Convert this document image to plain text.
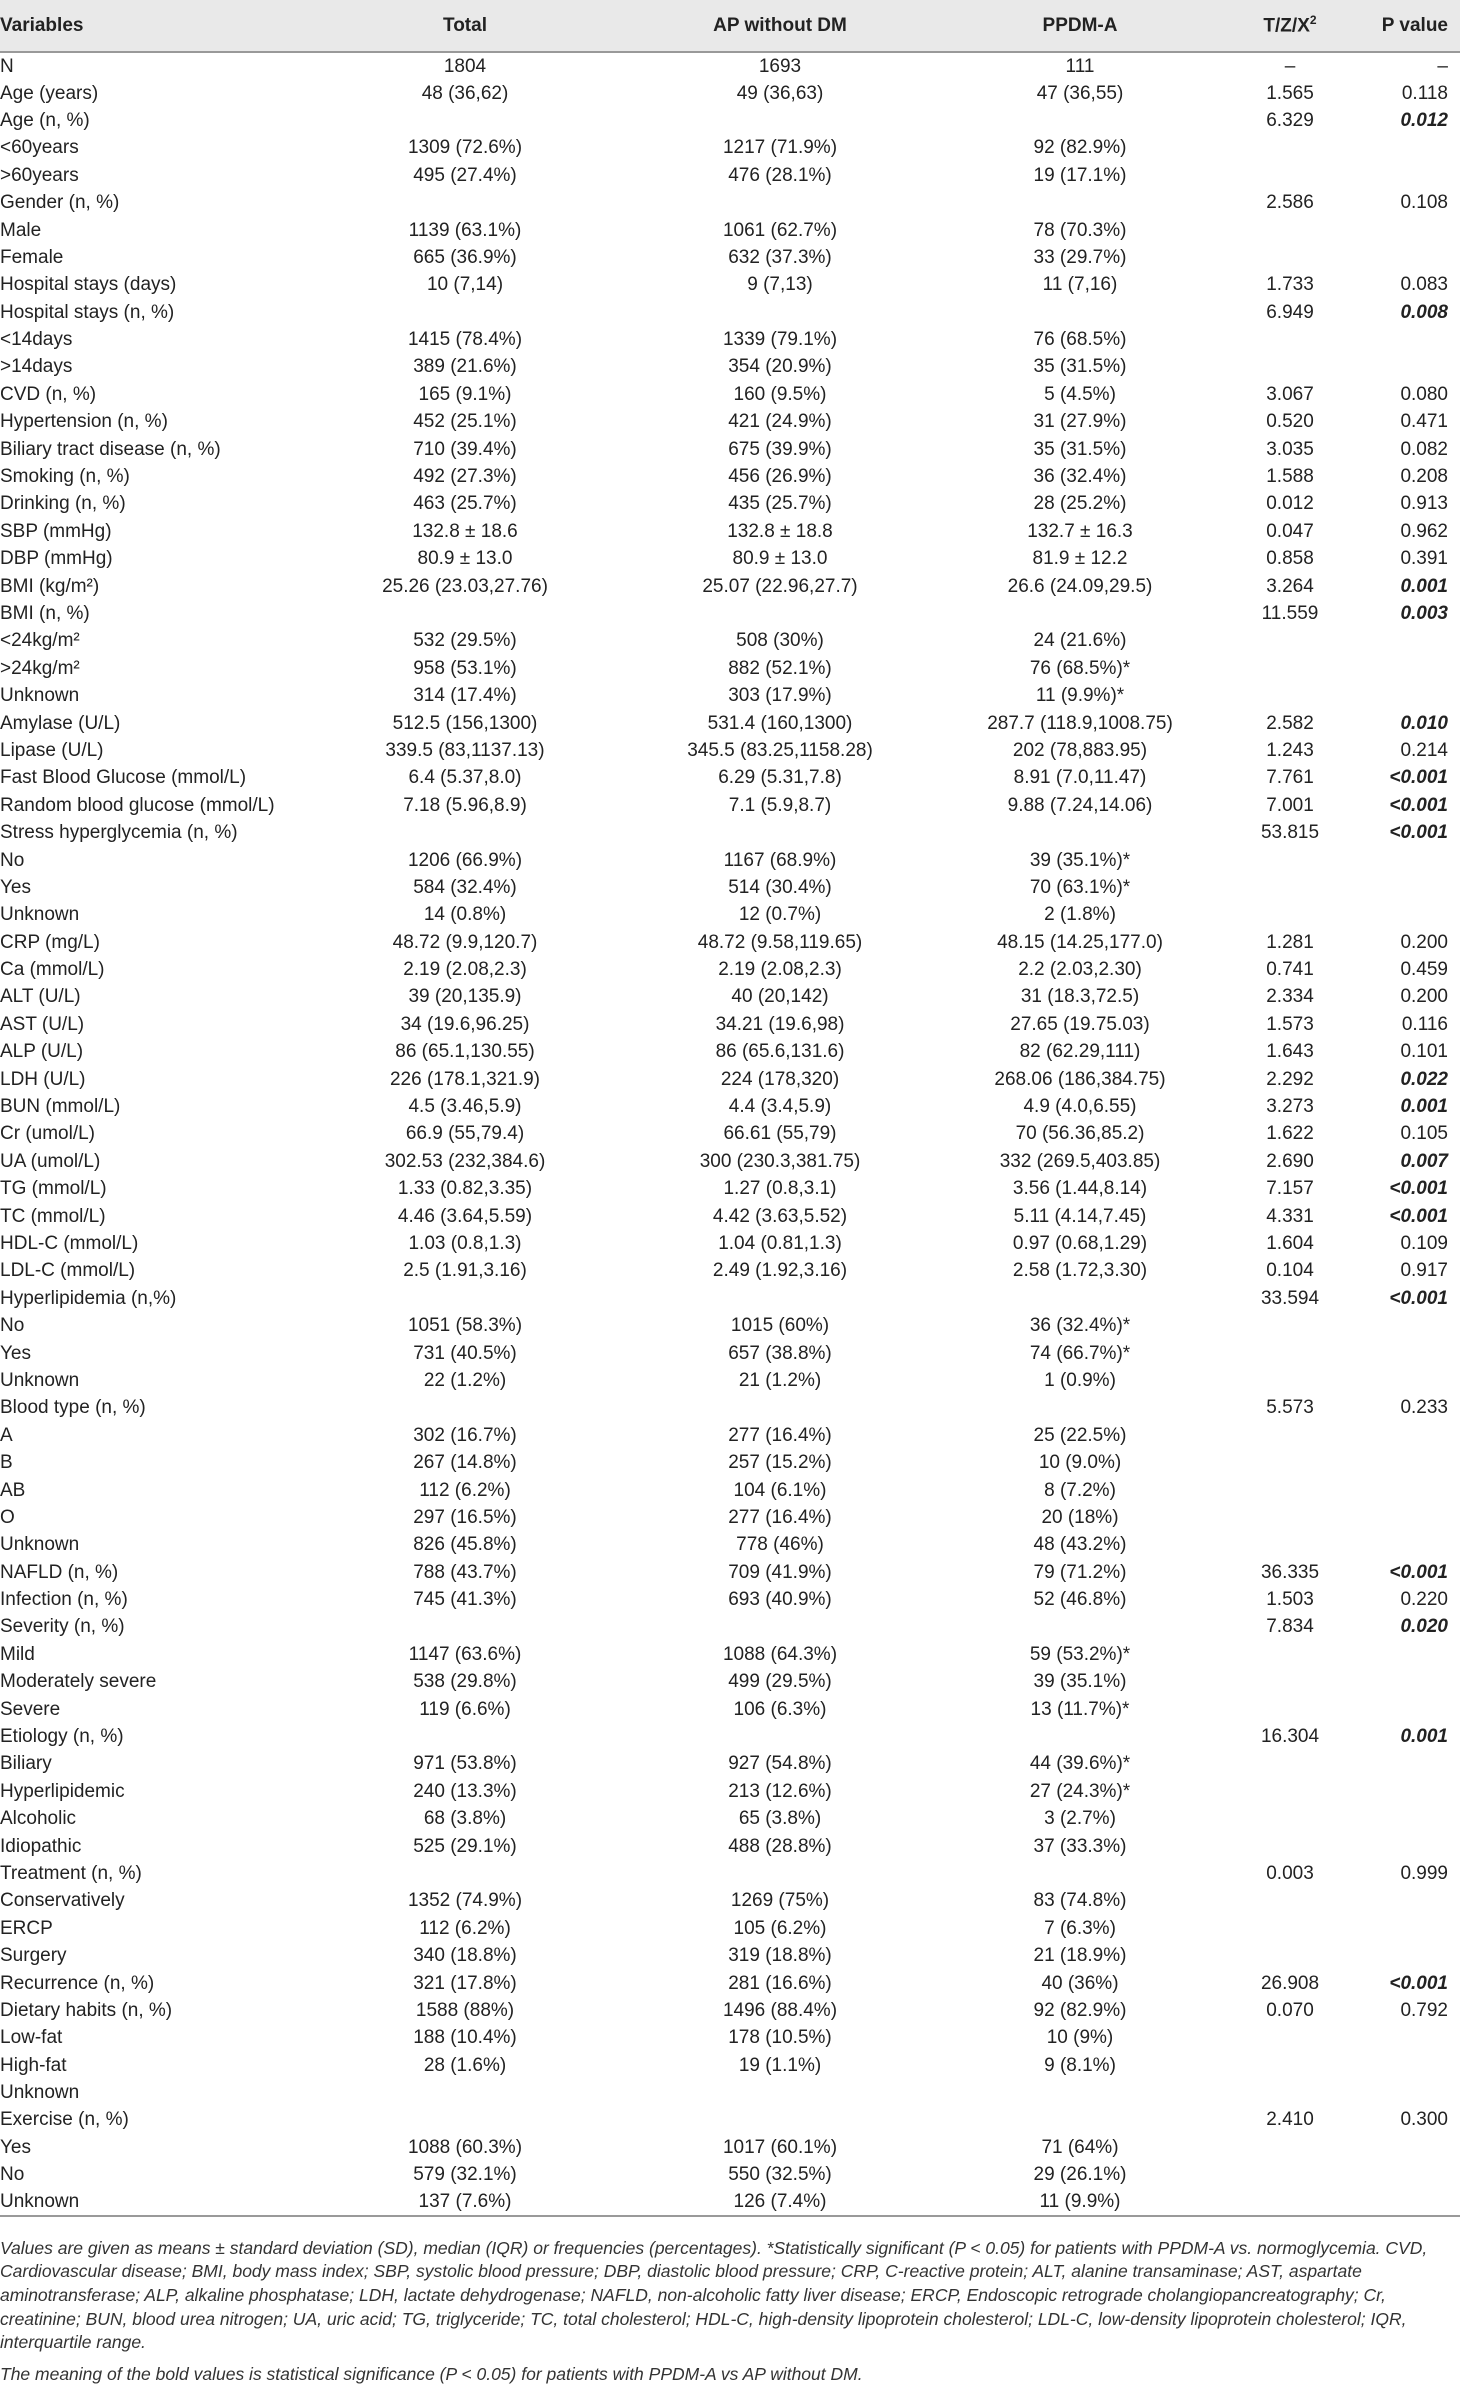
Variables	Total	AP without DM	PPDM-A	$T/Z/X^2$	P value
N	1804	1693	111	–	–
Age (years)	48 (36,62)	49 (36,63)	47 (36,55)	1.565	0.118
Age (n, %)				6.329	0.012
<60years	1309 (72.6%)	1217 (71.9%)	92 (82.9%)		
>60years	495 (27.4%)	476 (28.1%)	19 (17.1%)		
Gender (n, %)				2.586	0.108
Male	1139 (63.1%)	1061 (62.7%)	78 (70.3%)		
Female	665 (36.9%)	632 (37.3%)	33 (29.7%)		
Hospital stays (days)	10 (7,14)	9 (7,13)	11 (7,16)	1.733	0.083
Hospital stays (n, %)				6.949	0.008
<14days	1415 (78.4%)	1339 (79.1%)	76 (68.5%)		
>14days	389 (21.6%)	354 (20.9%)	35 (31.5%)		
CVD (n, %)	165 (9.1%)	160 (9.5%)	5 (4.5%)	3.067	0.080
Hypertension (n, %)	452 (25.1%)	421 (24.9%)	31 (27.9%)	0.520	0.471
Biliary tract disease (n, %)	710 (39.4%)	675 (39.9%)	35 (31.5%)	3.035	0.082
Smoking (n, %)	492 (27.3%)	456 (26.9%)	36 (32.4%)	1.588	0.208
Drinking (n, %)	463 (25.7%)	435 (25.7%)	28 (25.2%)	0.012	0.913
SBP (mmHg)	132.8 ± 18.6	132.8 ± 18.8	132.7 ± 16.3	0.047	0.962
DBP (mmHg)	80.9 ± 13.0	80.9 ± 13.0	81.9 ± 12.2	0.858	0.391
BMI (kg/m²)	25.26 (23.03,27.76)	25.07 (22.96,27.7)	26.6 (24.09,29.5)	3.264	0.001
BMI (n, %)				11.559	0.003
<24kg/m²	532 (29.5%)	508 (30%)	24 (21.6%)		
>24kg/m²	958 (53.1%)	882 (52.1%)	76 (68.5%)*		
Unknown	314 (17.4%)	303 (17.9%)	11 (9.9%)*		
Amylase (U/L)	512.5 (156,1300)	531.4 (160,1300)	287.7 (118.9,1008.75)	2.582	0.010
Lipase (U/L)	339.5 (83,1137.13)	345.5 (83.25,1158.28)	202 (78,883.95)	1.243	0.214
Fast Blood Glucose (mmol/L)	6.4 (5.37,8.0)	6.29 (5.31,7.8)	8.91 (7.0,11.47)	7.761	<0.001
Random blood glucose (mmol/L)	7.18 (5.96,8.9)	7.1 (5.9,8.7)	9.88 (7.24,14.06)	7.001	<0.001
Stress hyperglycemia (n, %)				53.815	<0.001
No	1206 (66.9%)	1167 (68.9%)	39 (35.1%)*		
Yes	584 (32.4%)	514 (30.4%)	70 (63.1%)*		
Unknown	14 (0.8%)	12 (0.7%)	2 (1.8%)		
CRP (mg/L)	48.72 (9.9,120.7)	48.72 (9.58,119.65)	48.15 (14.25,177.0)	1.281	0.200
Ca (mmol/L)	2.19 (2.08,2.3)	2.19 (2.08,2.3)	2.2 (2.03,2.30)	0.741	0.459
ALT (U/L)	39 (20,135.9)	40 (20,142)	31 (18.3,72.5)	2.334	0.200
AST (U/L)	34 (19.6,96.25)	34.21 (19.6,98)	27.65 (19.75.03)	1.573	0.116
ALP (U/L)	86 (65.1,130.55)	86 (65.6,131.6)	82 (62.29,111)	1.643	0.101
LDH (U/L)	226 (178.1,321.9)	224 (178,320)	268.06 (186,384.75)	2.292	0.022
BUN (mmol/L)	4.5 (3.46,5.9)	4.4 (3.4,5.9)	4.9 (4.0,6.55)	3.273	0.001
Cr (umol/L)	66.9 (55,79.4)	66.61 (55,79)	70 (56.36,85.2)	1.622	0.105
UA (umol/L)	302.53 (232,384.6)	300 (230.3,381.75)	332 (269.5,403.85)	2.690	0.007
TG (mmol/L)	1.33 (0.82,3.35)	1.27 (0.8,3.1)	3.56 (1.44,8.14)	7.157	<0.001
TC (mmol/L)	4.46 (3.64,5.59)	4.42 (3.63,5.52)	5.11 (4.14,7.45)	4.331	<0.001
HDL-C (mmol/L)	1.03 (0.8,1.3)	1.04 (0.81,1.3)	0.97 (0.68,1.29)	1.604	0.109
LDL-C (mmol/L)	2.5 (1.91,3.16)	2.49 (1.92,3.16)	2.58 (1.72,3.30)	0.104	0.917
Hyperlipidemia (n,%)				33.594	<0.001
No	1051 (58.3%)	1015 (60%)	36 (32.4%)*		
Yes	731 (40.5%)	657 (38.8%)	74 (66.7%)*		
Unknown	22 (1.2%)	21 (1.2%)	1 (0.9%)		
Blood type (n, %)				5.573	0.233
A	302 (16.7%)	277 (16.4%)	25 (22.5%)		
B	267 (14.8%)	257 (15.2%)	10 (9.0%)		
AB	112 (6.2%)	104 (6.1%)	8 (7.2%)		
O	297 (16.5%)	277 (16.4%)	20 (18%)		
Unknown	826 (45.8%)	778 (46%)	48 (43.2%)		
NAFLD (n, %)	788 (43.7%)	709 (41.9%)	79 (71.2%)	36.335	<0.001
Infection (n, %)	745 (41.3%)	693 (40.9%)	52 (46.8%)	1.503	0.220
Severity (n, %)				7.834	0.020
Mild	1147 (63.6%)	1088 (64.3%)	59 (53.2%)*		
Moderately severe	538 (29.8%)	499 (29.5%)	39 (35.1%)		
Severe	119 (6.6%)	106 (6.3%)	13 (11.7%)*		
Etiology (n, %)				16.304	0.001
Biliary	971 (53.8%)	927 (54.8%)	44 (39.6%)*		
Hyperlipidemic	240 (13.3%)	213 (12.6%)	27 (24.3%)*		
Alcoholic	68 (3.8%)	65 (3.8%)	3 (2.7%)		
Idiopathic	525 (29.1%)	488 (28.8%)	37 (33.3%)		
Treatment (n, %)				0.003	0.999
Conservatively	1352 (74.9%)	1269 (75%)	83 (74.8%)		
ERCP	112 (6.2%)	105 (6.2%)	7 (6.3%)		
Surgery	340 (18.8%)	319 (18.8%)	21 (18.9%)		
Recurrence (n, %)	321 (17.8%)	281 (16.6%)	40 (36%)	26.908	<0.001
Dietary habits (n, %)	1588 (88%)	1496 (88.4%)	92 (82.9%)	0.070	0.792
Low-fat	188 (10.4%)	178 (10.5%)	10 (9%)		
High-fat	28 (1.6%)	19 (1.1%)	9 (8.1%)		
Unknown					
Exercise (n, %)				2.410	0.300
Yes	1088 (60.3%)	1017 (60.1%)	71 (64%)		
No	579 (32.1%)	550 (32.5%)	29 (26.1%)		
Unknown	137 (7.6%)	126 (7.4%)	11 (9.9%)		

Values are given as means ± standard deviation (SD), median (IQR) or frequencies (percentages). *Statistically significant (P < 0.05) for patients with PPDM-A vs. normoglycemia. CVD, Cardiovascular disease; BMI, body mass index; SBP, systolic blood pressure; DBP, diastolic blood pressure; CRP, C-reactive protein; ALT, alanine transaminase; AST, aspartate aminotransferase; ALP, alkaline phosphatase; LDH, lactate dehydrogenase; NAFLD, non-alcoholic fatty liver disease; ERCP, Endoscopic retrograde cholangiopancreatography; Cr, creatinine; BUN, blood urea nitrogen; UA, uric acid; TG, triglyceride; TC, total cholesterol; HDL-C, high-density lipoprotein cholesterol; LDL-C, low-density lipoprotein cholesterol; IQR, interquartile range.

The meaning of the bold values is statistical significance (P < 0.05) for patients with PPDM-A vs AP without DM.
